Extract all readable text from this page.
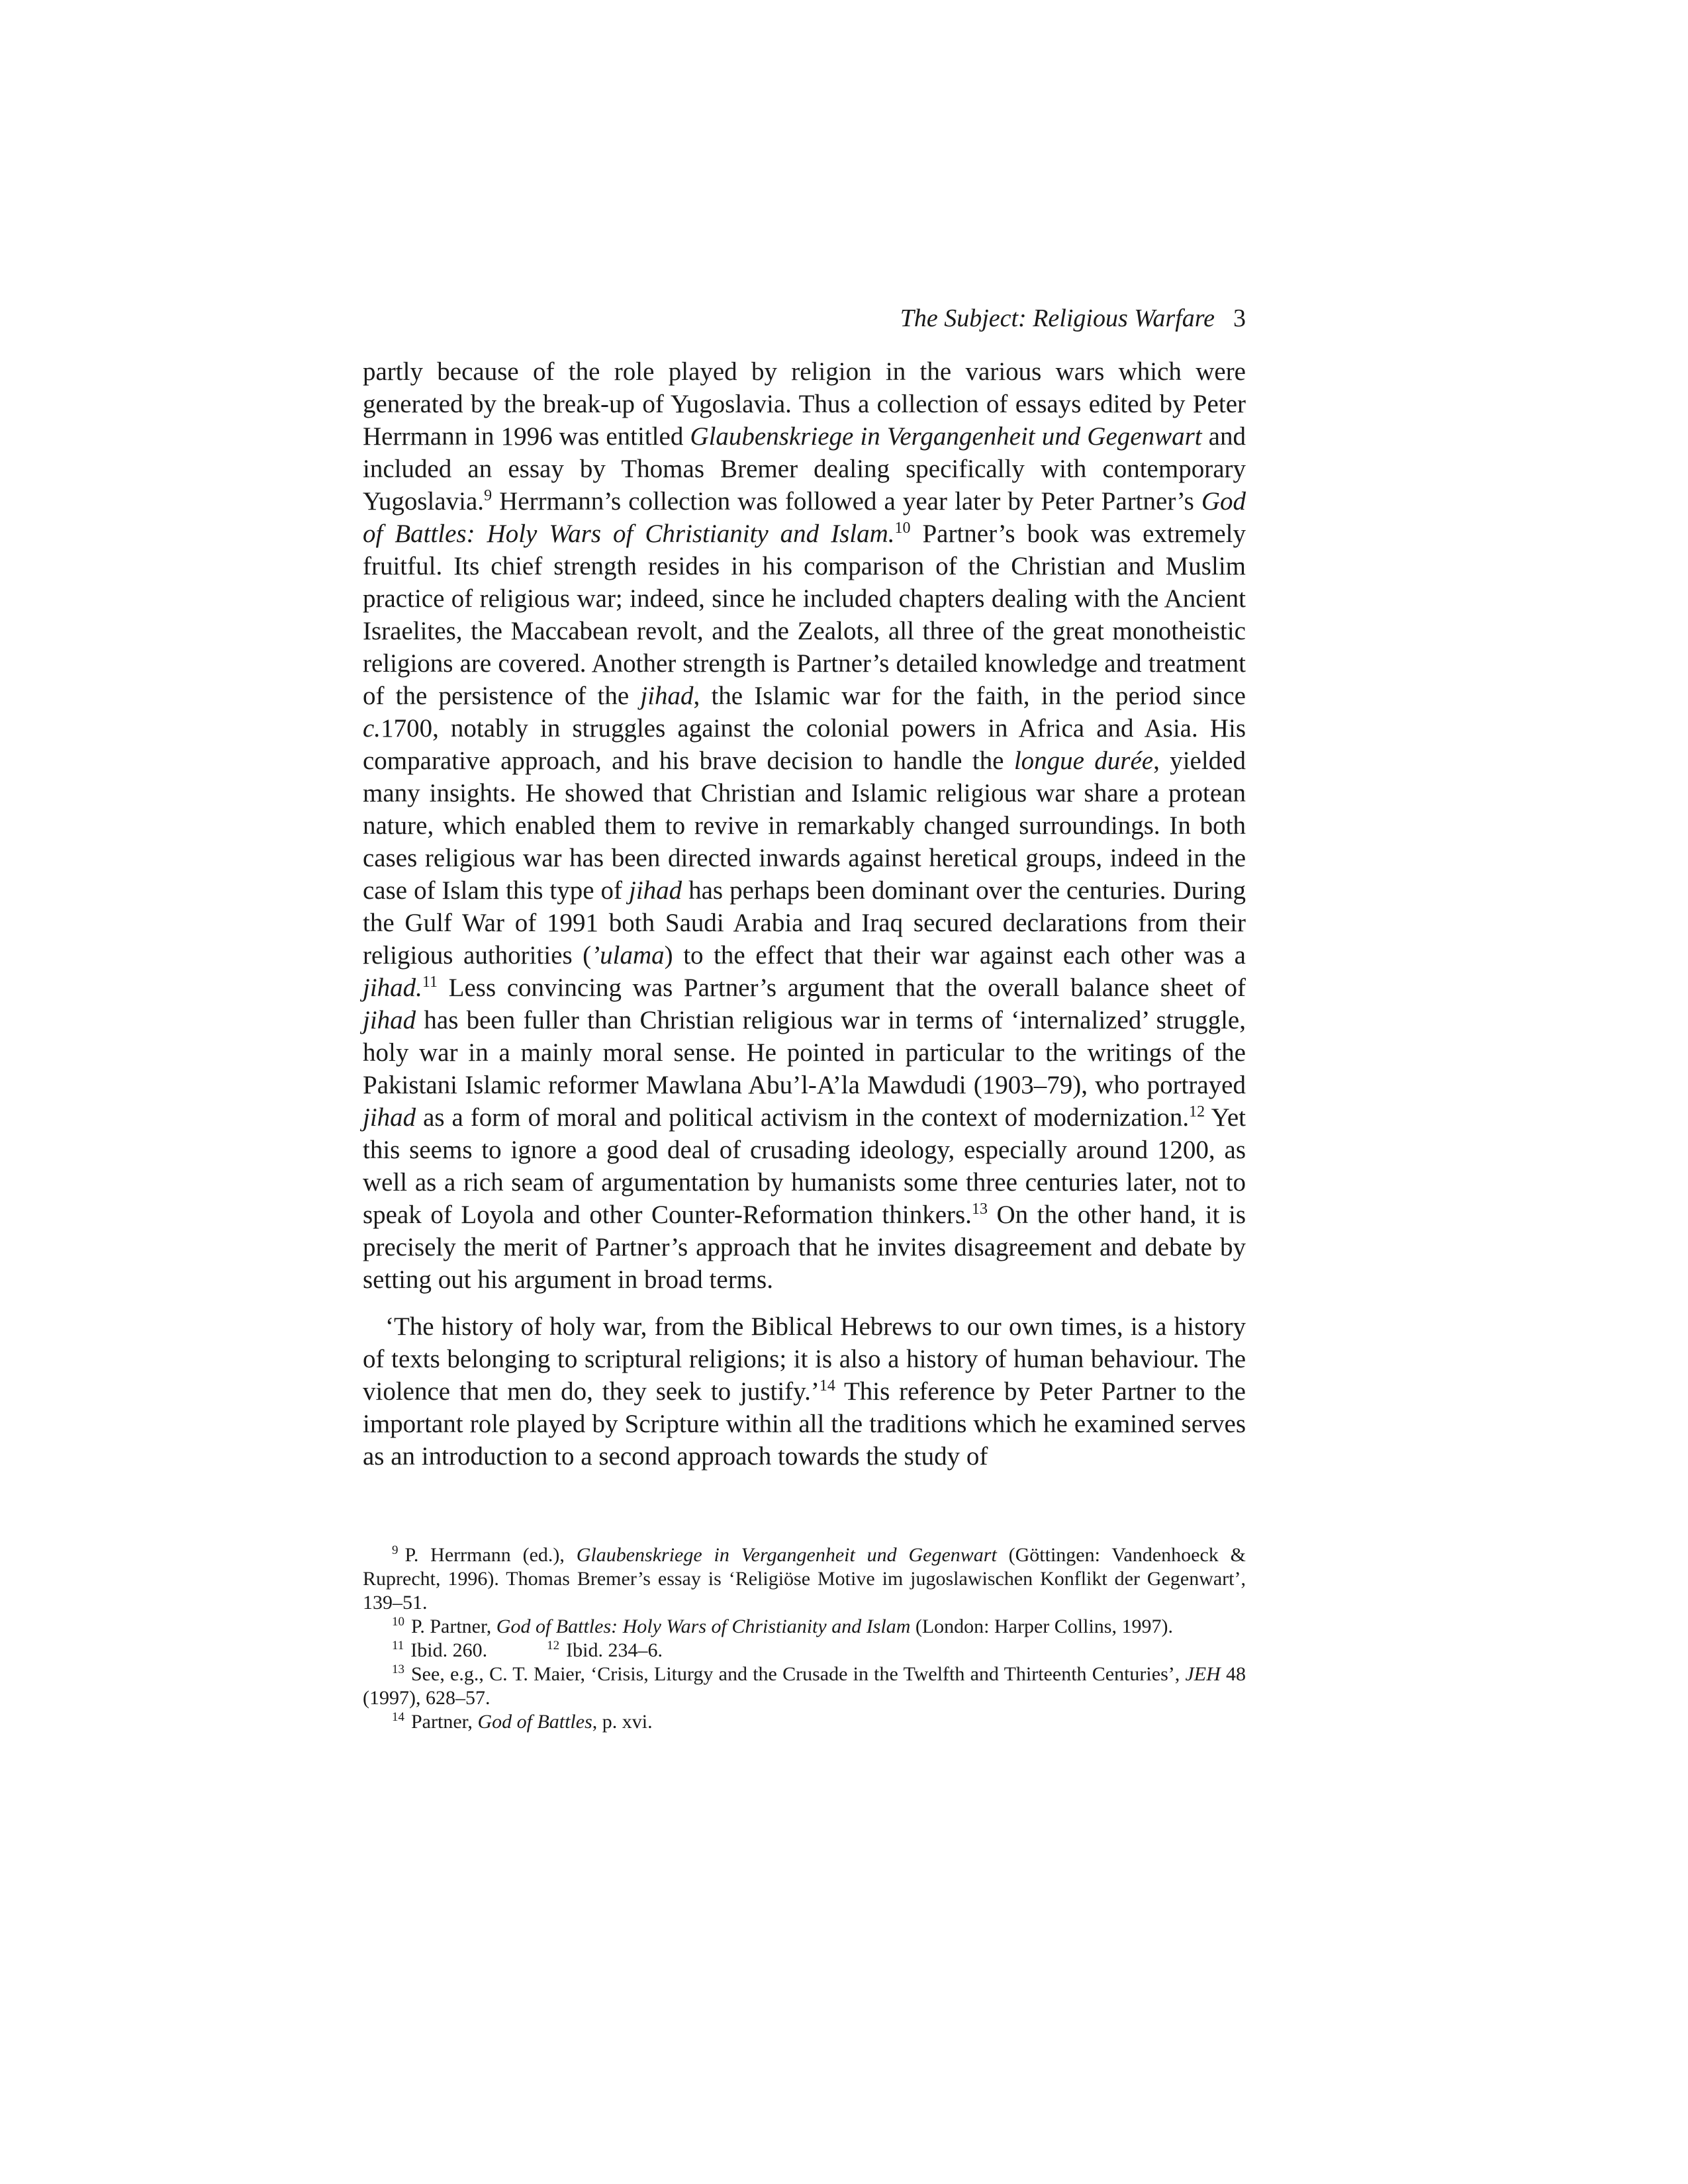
The Subject: Religious Warfare 3

partly because of the role played by religion in the various wars which were generated by the break-up of Yugoslavia. Thus a collection of essays edited by Peter Herrmann in 1996 was entitled Glaubenskriege in Vergangenheit und Gegenwart and included an essay by Thomas Bremer dealing specifically with contemporary Yugoslavia.$^9$ Herrmann’s collection was followed a year later by Peter Partner’s God of Battles: Holy Wars of Christianity and Islam.$^{10}$ Partner’s book was extremely fruitful. Its chief strength resides in his comparison of the Christian and Muslim practice of religious war; indeed, since he included chapters dealing with the Ancient Israelites, the Maccabean revolt, and the Zealots, all three of the great monotheistic religions are covered. Another strength is Partner’s detailed knowledge and treatment of the persistence of the jihad, the Islamic war for the faith, in the period since c.1700, notably in struggles against the colonial powers in Africa and Asia. His comparative approach, and his brave decision to handle the longue durée, yielded many insights. He showed that Christian and Islamic religious war share a protean nature, which enabled them to revive in remarkably changed surroundings. In both cases religious war has been directed inwards against heretical groups, indeed in the case of Islam this type of jihad has perhaps been dominant over the centuries. During the Gulf War of 1991 both Saudi Arabia and Iraq secured declarations from their religious authorities (’ulama) to the effect that their war against each other was a jihad.$^{11}$ Less convincing was Partner’s argument that the overall balance sheet of jihad has been fuller than Christian religious war in terms of ‘internalized’ struggle, holy war in a mainly moral sense. He pointed in particular to the writings of the Pakistani Islamic reformer Mawlana Abu’l-A’la Mawdudi (1903–79), who portrayed jihad as a form of moral and political activism in the context of modernization.$^{12}$ Yet this seems to ignore a good deal of crusading ideology, especially around 1200, as well as a rich seam of argumentation by humanists some three centuries later, not to speak of Loyola and other Counter-Reformation thinkers.$^{13}$ On the other hand, it is precisely the merit of Partner’s approach that he invites disagreement and debate by setting out his argument in broad terms.

‘The history of holy war, from the Biblical Hebrews to our own times, is a history of texts belonging to scriptural religions; it is also a history of human behaviour. The violence that men do, they seek to justify.’$^{14}$ This reference by Peter Partner to the important role played by Scripture within all the traditions which he examined serves as an introduction to a second approach towards the study of

$^9$ P. Herrmann (ed.), Glaubenskriege in Vergangenheit und Gegenwart (Göttingen: Vandenhoeck & Ruprecht, 1996). Thomas Bremer’s essay is ‘Religiöse Motive im jugoslawischen Konflikt der Gegenwart’, 139–51.

$^{10}$ P. Partner, God of Battles: Holy Wars of Christianity and Islam (London: Harper Collins, 1997).

$^{11}$ Ibid. 260.	$^{12}$ Ibid. 234–6.

$^{13}$ See, e.g., C. T. Maier, ‘Crisis, Liturgy and the Crusade in the Twelfth and Thirteenth Centuries’, JEH 48 (1997), 628–57.

$^{14}$ Partner, God of Battles, p. xvi.
